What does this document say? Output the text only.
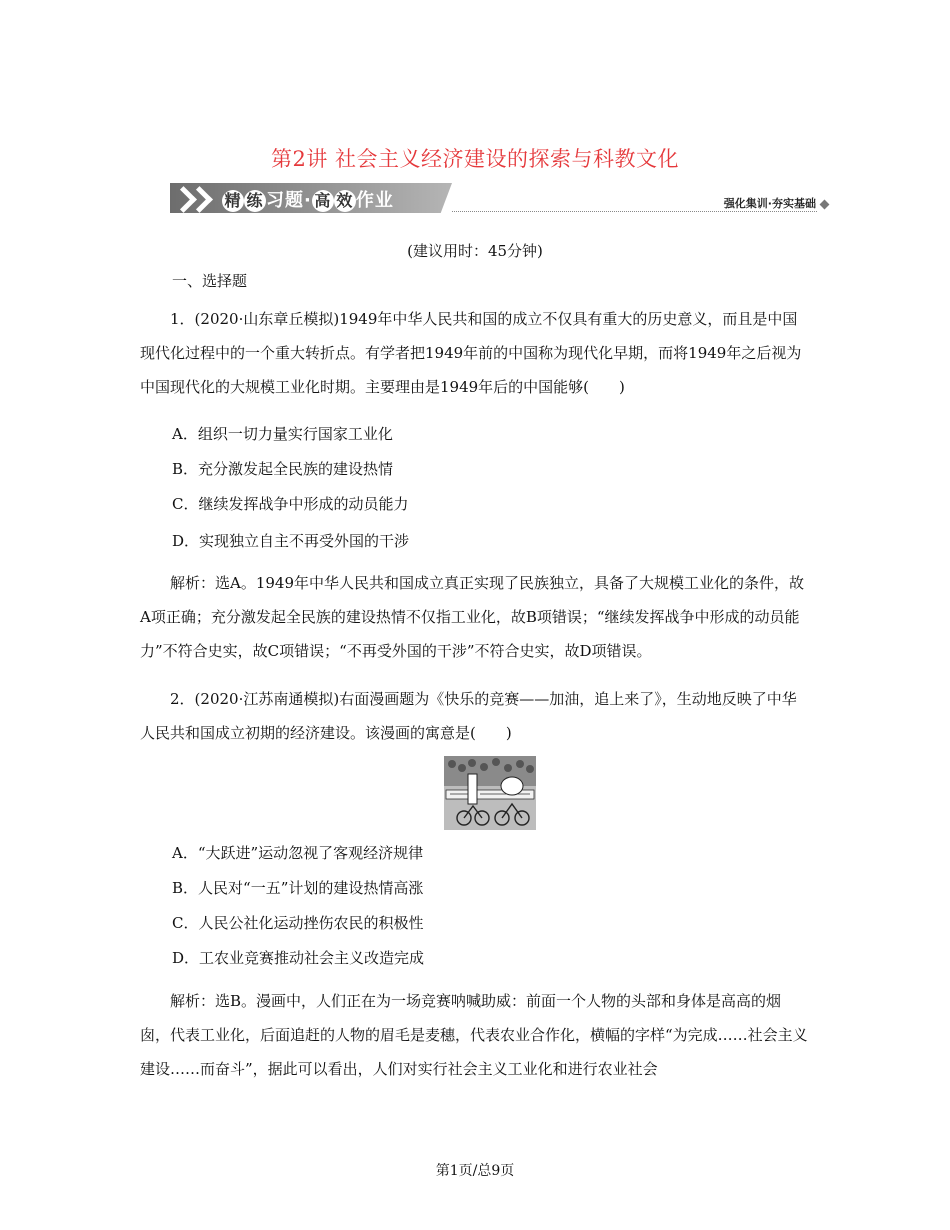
第2讲 社会主义经济建设的探索与科教文化
精 练 习题· 高 效 作业	强化集训·夯实基础
(建议用时：45分钟)
一、选择题

1．(2020·山东章丘模拟)1949年中华人民共和国的成立不仅具有重大的历史意义，而且是中国现代化过程中的一个重大转折点。有学者把1949年前的中国称为现代化早期，而将1949年之后视为中国现代化的大规模工业化时期。主要理由是1949年后的中国能够(　　)

A．组织一切力量实行国家工业化
B．充分激发起全民族的建设热情
C．继续发挥战争中形成的动员能力
D．实现独立自主不再受外国的干涉

解析：选A。1949年中华人民共和国成立真正实现了民族独立，具备了大规模工业化的条件，故A项正确；充分激发起全民族的建设热情不仅指工业化，故B项错误；“继续发挥战争中形成的动员能力”不符合史实，故C项错误；“不再受外国的干涉”不符合史实，故D项错误。

2．(2020·江苏南通模拟)右面漫画题为《快乐的竞赛——加油，追上来了》，生动地反映了中华人民共和国成立初期的经济建设。该漫画的寓意是(　　)

A．“大跃进”运动忽视了客观经济规律
B．人民对“一五”计划的建设热情高涨
C．人民公社化运动挫伤农民的积极性
D．工农业竞赛推动社会主义改造完成

解析：选B。漫画中，人们正在为一场竞赛呐喊助威：前面一个人物的头部和身体是高高的烟囱，代表工业化，后面追赶的人物的眉毛是麦穗，代表农业合作化，横幅的字样“为完成……社会主义建设……而奋斗”，据此可以看出，人们对实行社会主义工业化和进行农业社会

第1页/总9页
